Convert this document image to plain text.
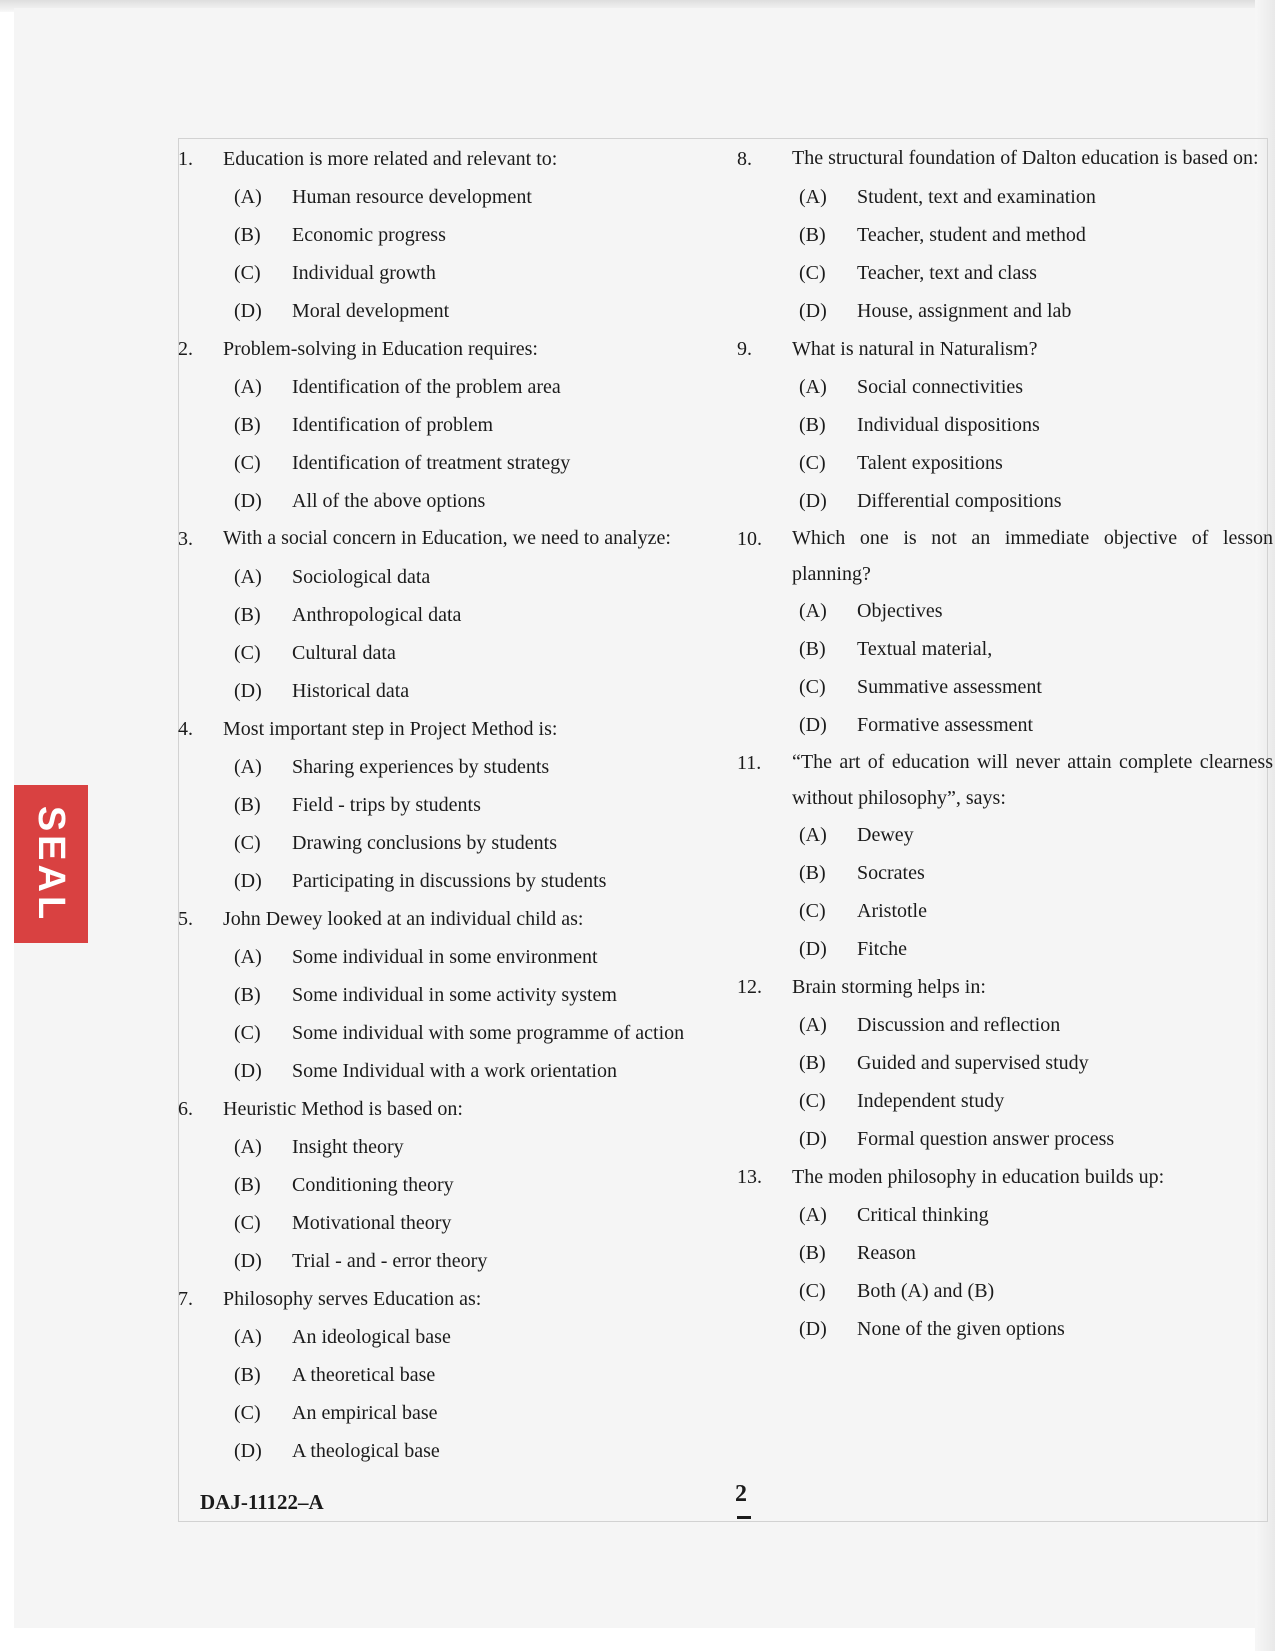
SEAL
1.	Education is more related and relevant to:
(A)	Human resource development
(B)	Economic progress
(C)	Individual growth
(D)	Moral development
2.	Problem-solving in Education requires:
(A)	Identification of the problem area
(B)	Identification of problem
(C)	Identification of treatment strategy
(D)	All of the above options
3.	With a social concern in Education, we need to analyze:
(A)	Sociological data
(B)	Anthropological data
(C)	Cultural data
(D)	Historical data
4.	Most important step in Project Method is:
(A)	Sharing experiences by students
(B)	Field - trips by students
(C)	Drawing conclusions by students
(D)	Participating in discussions by students
5.	John Dewey looked at an individual child as:
(A)	Some individual in some environment
(B)	Some individual in some activity system
(C)	Some individual with some programme of action
(D)	Some Individual with a work orientation
6.	Heuristic Method is based on:
(A)	Insight theory
(B)	Conditioning theory
(C)	Motivational theory
(D)	Trial - and - error theory
7.	Philosophy serves Education as:
(A)	An ideological base
(B)	A theoretical base
(C)	An empirical base
(D)	A theological base
8.	The structural foundation of Dalton education is based on:
(A)	Student, text and examination
(B)	Teacher, student and method
(C)	Teacher, text and class
(D)	House, assignment and lab
9.	What is natural in Naturalism?
(A)	Social connectivities
(B)	Individual dispositions
(C)	Talent expositions
(D)	Differential compositions
10.	Which one is not an immediate objective of lesson planning?
(A)	Objectives
(B)	Textual material,
(C)	Summative assessment
(D)	Formative assessment
11.	“The art of education will never attain complete clearness without philosophy”, says:
(A)	Dewey
(B)	Socrates
(C)	Aristotle
(D)	Fitche
12.	Brain storming helps in:
(A)	Discussion and reflection
(B)	Guided and supervised study
(C)	Independent study
(D)	Formal question answer process
13.	The moden philosophy in education builds up:
(A)	Critical thinking
(B)	Reason
(C)	Both (A) and (B)
(D)	None of the given options
DAJ-11122–A	2
